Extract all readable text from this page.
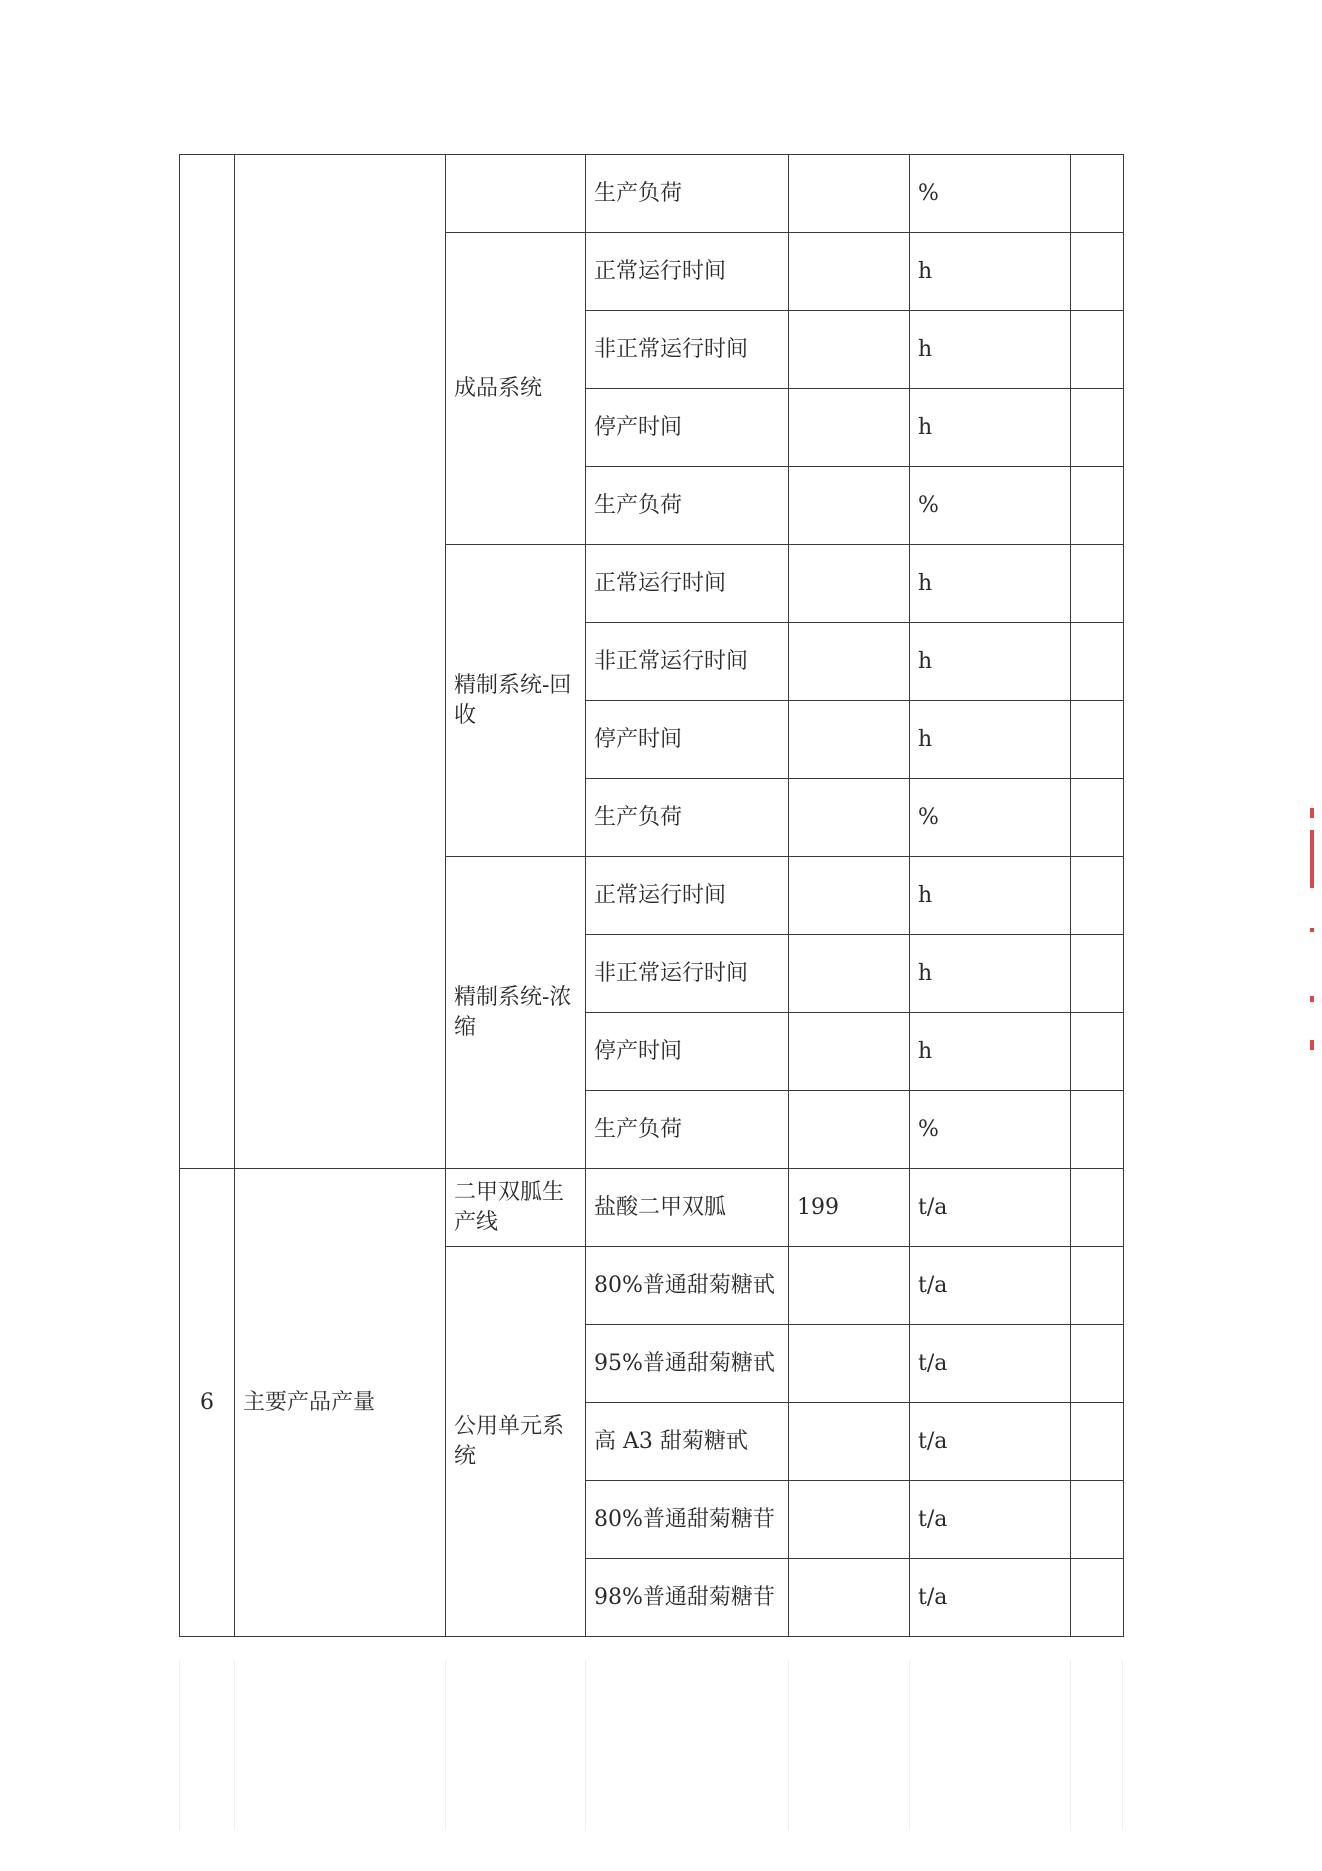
			生产负荷		%	
		成品系统	正常运行时间		h	
			非正常运行时间		h	
			停产时间		h	
			生产负荷		%	
		精制系统-回收	正常运行时间		h	
			非正常运行时间		h	
			停产时间		h	
			生产负荷		%	
		精制系统-浓缩	正常运行时间		h	
			非正常运行时间		h	
			停产时间		h	
			生产负荷		%	
6	主要产品产量	二甲双胍生产线	盐酸二甲双胍	199	t/a	
		公用单元系统	80%普通甜菊糖甙		t/a	
			95%普通甜菊糖甙		t/a	
			高 A3 甜菊糖甙		t/a	
			80%普通甜菊糖苷		t/a	
			98%普通甜菊糖苷		t/a	
